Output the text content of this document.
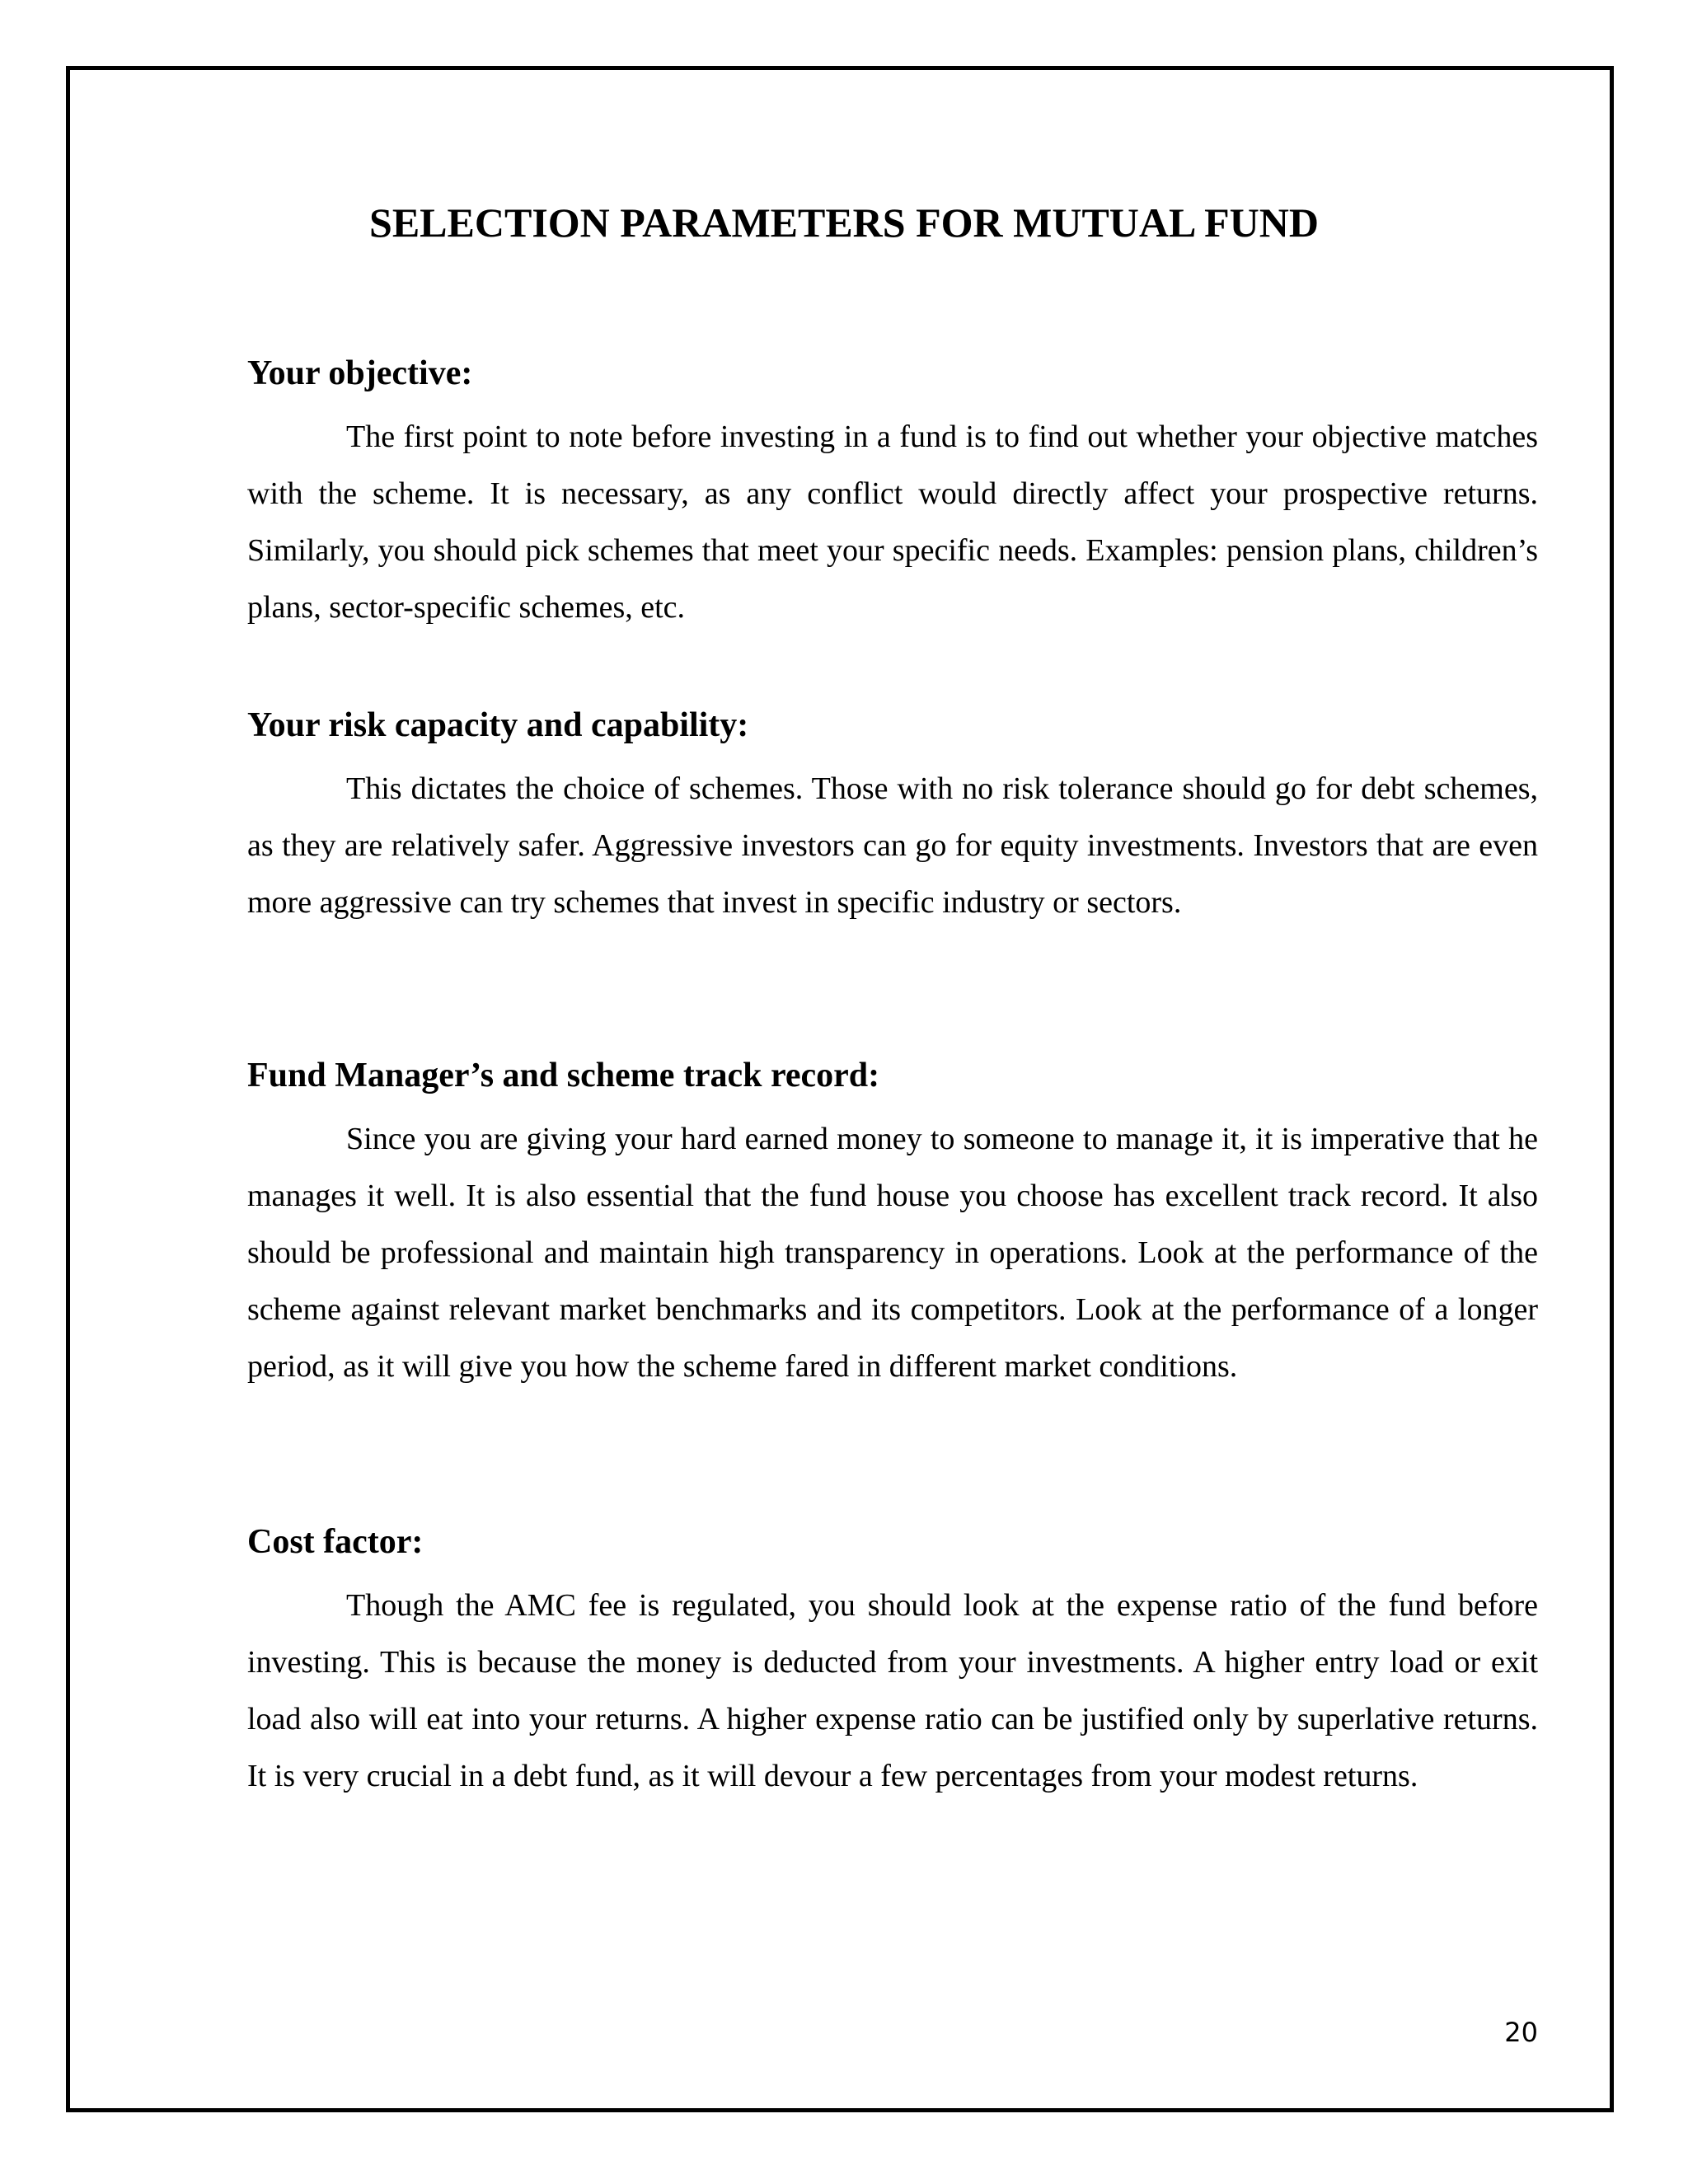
SELECTION PARAMETERS FOR MUTUAL FUND
Your objective:

The first point to note before investing in a fund is to find out whether your objective matches with the scheme. It is necessary, as any conflict would directly affect your prospective returns. Similarly, you should pick schemes that meet your specific needs. Examples: pension plans, children’s plans, sector-specific schemes, etc.

Your risk capacity and capability:

This dictates the choice of schemes. Those with no risk tolerance should go for debt schemes, as they are relatively safer. Aggressive investors can go for equity investments. Investors that are even more aggressive can try schemes that invest in specific industry or sectors.

Fund Manager’s and scheme track record:

Since you are giving your hard earned money to someone to manage it, it is imperative that he manages it well. It is also essential that the fund house you choose has excellent track record. It also should be professional and maintain high transparency in operations. Look at the performance of the scheme against relevant market benchmarks and its competitors. Look at the performance of a longer period, as it will give you how the scheme fared in different market conditions.

Cost factor:

Though the AMC fee is regulated, you should look at the expense ratio of the fund before investing. This is because the money is deducted from your investments. A higher entry load or exit load also will eat into your returns. A higher expense ratio can be justified only by superlative returns. It is very crucial in a debt fund, as it will devour a few percentages from your modest returns.

20
